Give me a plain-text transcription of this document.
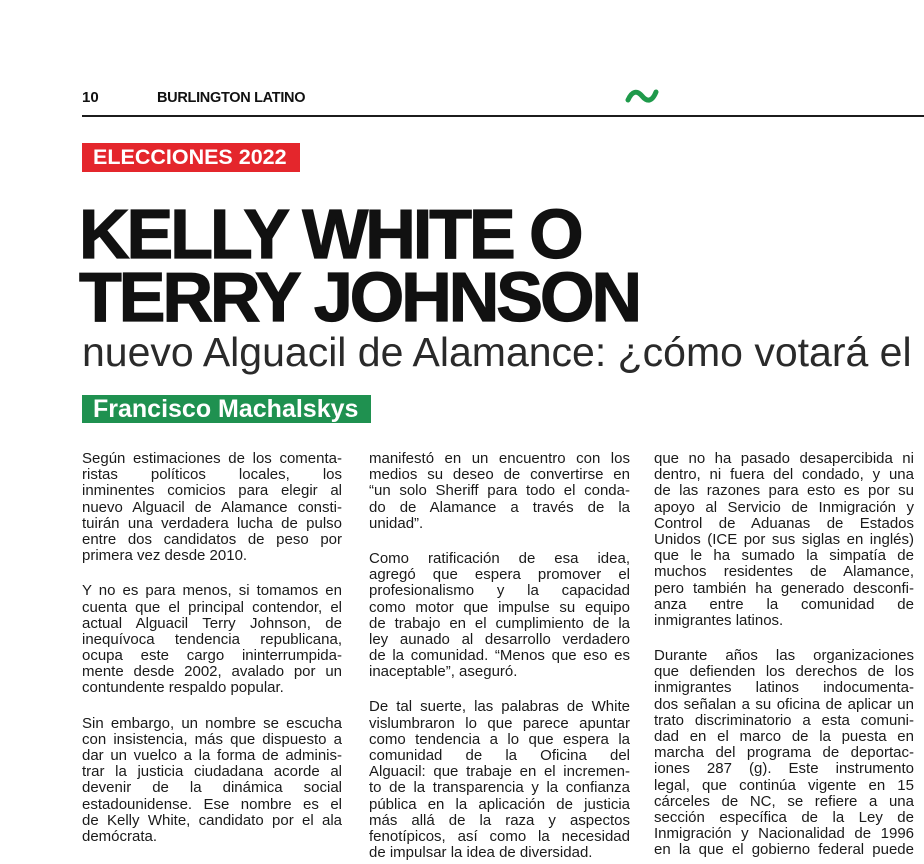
10	BURLINGTON LATINO
ELECCIONES 2022
KELLY WHITE O
TERRY JOHNSON
nuevo Alguacil de Alamance: ¿cómo votará el
Francisco Machalskys
Según estimaciones de los comenta-
ristas políticos locales, los
inminentes comicios para elegir al
nuevo Alguacil de Alamance consti-
tuirán una verdadera lucha de pulso
entre dos candidatos de peso por
primera vez desde 2010.
Y no es para menos, si tomamos en
cuenta que el principal contendor, el
actual Alguacil Terry Johnson, de
inequívoca tendencia republicana,
ocupa este cargo ininterrumpida-
mente desde 2002, avalado por un
contundente respaldo popular.
Sin embargo, un nombre se escucha
con insistencia, más que dispuesto a
dar un vuelco a la forma de adminis-
trar la justicia ciudadana acorde al
devenir de la dinámica social
estadounidense. Ese nombre es el
de Kelly White, candidato por el ala
demócrata.
manifestó en un encuentro con los
medios su deseo de convertirse en
“un solo Sheriff para todo el conda-
do de Alamance a través de la
unidad”.
Como ratificación de esa idea,
agregó que espera promover el
profesionalismo y la capacidad
como motor que impulse su equipo
de trabajo en el cumplimiento de la
ley aunado al desarrollo verdadero
de la comunidad. “Menos que eso es
inaceptable”, aseguró.
De tal suerte, las palabras de White
vislumbraron lo que parece apuntar
como tendencia a lo que espera la
comunidad de la Oficina del
Alguacil: que trabaje en el incremen-
to de la transparencia y la confianza
pública en la aplicación de justicia
más allá de la raza y aspectos
fenotípicos, así como la necesidad
de impulsar la idea de diversidad.
que no ha pasado desapercibida ni
dentro, ni fuera del condado, y una
de las razones para esto es por su
apoyo al Servicio de Inmigración y
Control de Aduanas de Estados
Unidos (ICE por sus siglas en inglés)
que le ha sumado la simpatía de
muchos residentes de Alamance,
pero también ha generado desconfi-
anza entre la comunidad de
inmigrantes latinos.
Durante años las organizaciones
que defienden los derechos de los
inmigrantes latinos indocumenta-
dos señalan a su oficina de aplicar un
trato discriminatorio a esta comuni-
dad en el marco de la puesta en
marcha del programa de deportac-
iones 287 (g). Este instrumento
legal, que continúa vigente en 15
cárceles de NC, se refiere a una
sección específica de la Ley de
Inmigración y Nacionalidad de 1996
en la que el gobierno federal puede
